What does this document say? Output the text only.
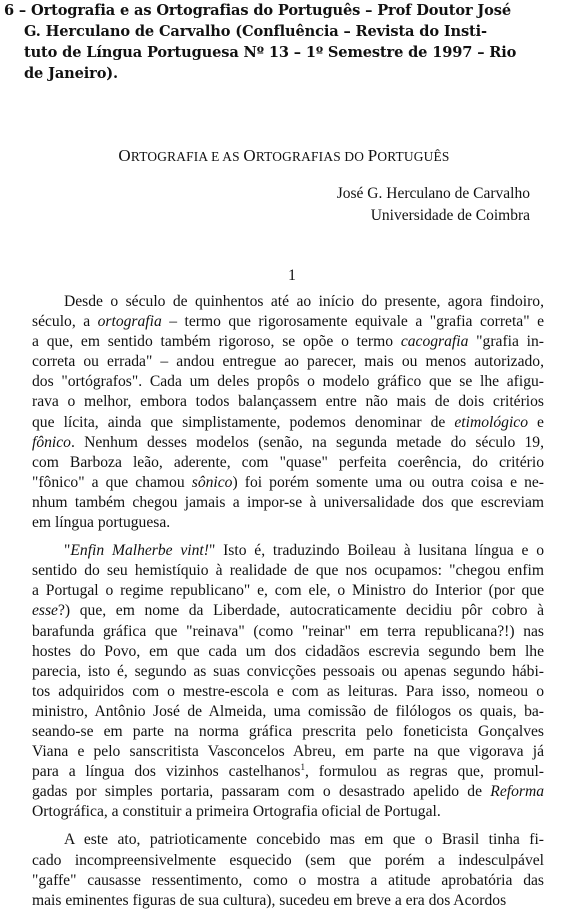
6 – Ortografia e as Ortografias do Português – Prof Doutor José
G. Herculano de Carvalho (Confluência – Revista do Insti-
tuto de Língua Portuguesa Nº 13 – 1º Semestre de 1997 – Rio
de Janeiro).
ORTOGRAFIA E AS ORTOGRAFIAS DO PORTUGUÊS
José G. Herculano de Carvalho
Universidade de Coimbra
1
Desde o século de quinhentos até ao início do presente, agora findoiro,
século, a ortografia – termo que rigorosamente equivale a "grafia correta" e
a que, em sentido também rigoroso, se opõe o termo cacografia "grafia in-
correta ou errada" – andou entregue ao parecer, mais ou menos autorizado,
dos "ortógrafos". Cada um deles propôs o modelo gráfico que se lhe afigu-
rava o melhor, embora todos balançassem entre não mais de dois critérios
que lícita, ainda que simplistamente, podemos denominar de etimológico e
fônico. Nenhum desses modelos (senão, na segunda metade do século 19,
com Barboza leão, aderente, com "quase" perfeita coerência, do critério
"fônico" a que chamou sônico) foi porém somente uma ou outra coisa e ne-
nhum também chegou jamais a impor-se à universalidade dos que escreviam
em língua portuguesa.
"Enfin Malherbe vint!" Isto é, traduzindo Boileau à lusitana língua e o
sentido do seu hemistíquio à realidade de que nos ocupamos: "chegou enfim
a Portugal o regime republicano" e, com ele, o Ministro do Interior (por que
esse?) que, em nome da Liberdade, autocraticamente decidiu pôr cobro à
barafunda gráfica que "reinava" (como "reinar" em terra republicana?!) nas
hostes do Povo, em que cada um dos cidadãos escrevia segundo bem lhe
parecia, isto é, segundo as suas convicções pessoais ou apenas segundo hábi-
tos adquiridos com o mestre-escola e com as leituras. Para isso, nomeou o
ministro, Antônio José de Almeida, uma comissão de filólogos os quais, ba-
seando-se em parte na norma gráfica prescrita pelo foneticista Gonçalves
Viana e pelo sanscritista Vasconcelos Abreu, em parte na que vigorava já
para a língua dos vizinhos castelhanos$^1$, formulou as regras que, promul-
gadas por simples portaria, passaram com o desastrado apelido de Reforma
Ortográfica, a constituir a primeira Ortografia oficial de Portugal.
A este ato, patrioticamente concebido mas em que o Brasil tinha fi-
cado incompreensivelmente esquecido (sem que porém a indesculpável
"gaffe" causasse ressentimento, como o mostra a atitude aprobatória das
mais eminentes figuras de sua cultura), sucedeu em breve a era dos Acordos
